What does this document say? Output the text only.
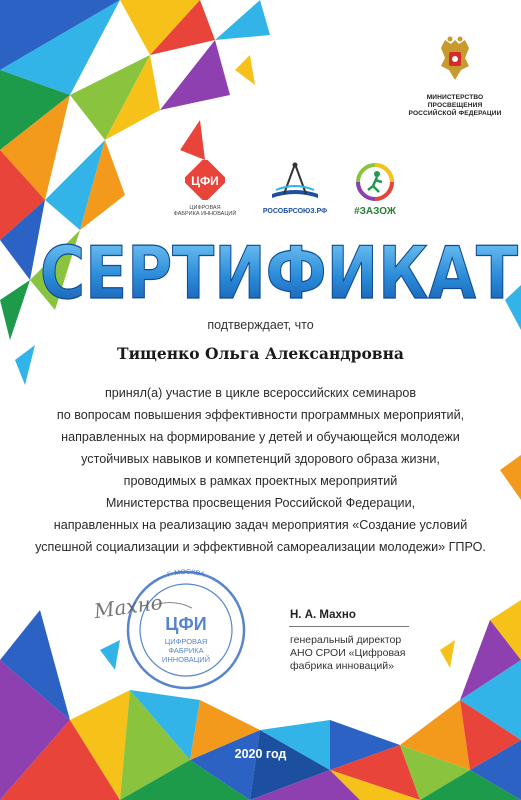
МИНИСТЕРСТВО ПРОСВЕЩЕНИЯ
РОССИЙСКОЙ ФЕДЕРАЦИИ
ЦФИ
ЦИФРОВАЯ
ФАБРИКА ИННОВАЦИЙ	РОСОБРСОЮЗ.РФ	#ЗАЗОЖ
СЕРТИФИКАТ
подтверждает, что
Тищенко Ольга Александровна
принял(а) участие в цикле всероссийских семинаров
по вопросам повышения эффективности программных мероприятий,
направленных на формирование у детей и обучающейся молодежи
устойчивых навыков и компетенций здорового образа жизни,
проводимых в рамках проектных мероприятий
Министерства просвещения Российской Федерации,
направленных на реализацию задач мероприятия «Создание условий
успешной социализации и эффективной самореализации молодежи» ГПРО.
Г. МОСКВА
ЦФИ
ЦИФРОВАЯ
ФАБРИКА
ИННОВАЦИЙ
Махно	Н. А. Махно
генеральный директор
АНО СРОИ «Цифровая
фабрика инноваций»
2020 год
